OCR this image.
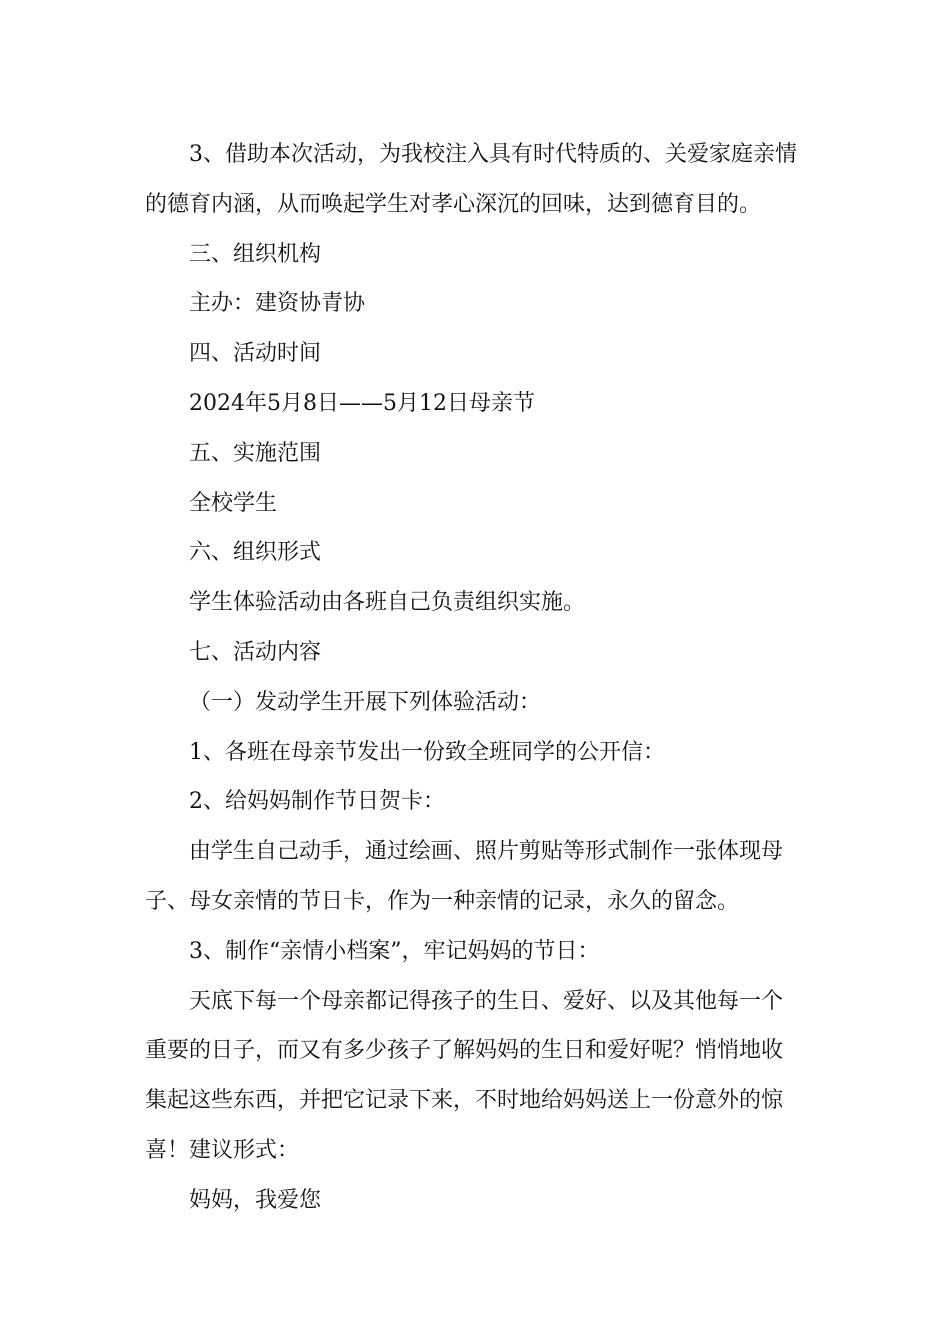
3、借助本次活动，为我校注入具有时代特质的、关爱家庭亲情

的德育内涵，从而唤起学生对孝心深沉的回味，达到德育目的。

三、组织机构

主办：建资协青协

四、活动时间

2024年5月8日——5月12日母亲节

五、实施范围

全校学生

六、组织形式

学生体验活动由各班自己负责组织实施。

七、活动内容

（一）发动学生开展下列体验活动：

1、各班在母亲节发出一份致全班同学的公开信：

2、给妈妈制作节日贺卡：

由学生自己动手，通过绘画、照片剪贴等形式制作一张体现母

子、母女亲情的节日卡，作为一种亲情的记录，永久的留念。

3、制作“亲情小档案”，牢记妈妈的节日：

天底下每一个母亲都记得孩子的生日、爱好、以及其他每一个

重要的日子，而又有多少孩子了解妈妈的生日和爱好呢？悄悄地收

集起这些东西，并把它记录下来，不时地给妈妈送上一份意外的惊

喜！建议形式：

妈妈，我爱您
